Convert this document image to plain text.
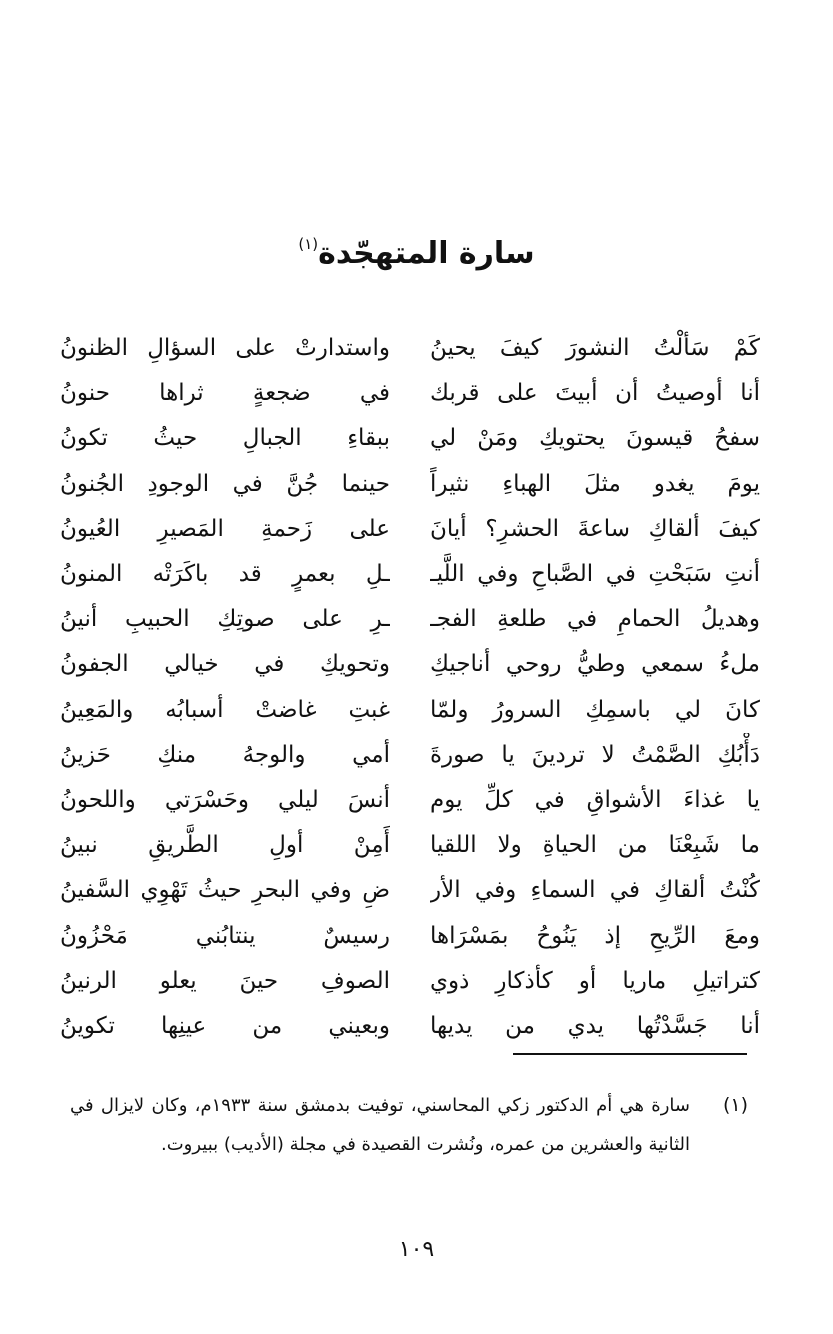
سارة المتهجّدة$^{(١)}$
كَمْ سَألْتُ النشورَ كيفَ يحينُ
واستدارتْ على السؤالِ الظنونُ
أنا أوصيتُ أن أبيتَ على قربك
في ضجعةٍ ثراها حنونُ
سفحُ قيسونَ يحتويكِ ومَنْ لي
ببقاءِ الجبالِ حيثُ تكونُ
يومَ يغدو مثلَ الهباءِ نثيراً
حينما جُنَّ في الوجودِ الجُنونُ
كيفَ ألقاكِ ساعةَ الحشرِ؟ أيانَ
على زَحمةِ المَصيرِ العُيونُ
أنتِ سَبَحْتِ في الصَّباحِ وفي اللَّيـ
ـلِ بعمرٍ قد باكَرَتْه المنونُ
وهديلُ الحمامِ في طلعةِ الفجـ
ـرِ على صوتِكِ الحبيبِ أنينُ
ملءُ سمعي وطيُّ روحي أناجيكِ
وتحويكِ في خيالي الجفونُ
كانَ لي باسمِكِ السرورُ ولمّا
غبتِ غاضتْ أسبابُه والمَعِينُ
دَأْبُكِ الصَّمْتُ لا تردينَ يا صورةَ
أمي والوجهُ منكِ حَزينُ
يا غذاءَ الأشواقِ في كلِّ يوم
أنسَ ليلي وحَسْرَتي واللحونُ
ما شَبِعْنَا من الحياةِ ولا اللقيا
أَمِنْ أولِ الطَّريقِ نبينُ
كُنْتُ ألقاكِ في السماءِ وفي الأر
ضِ وفي البحرِ حيثُ تَهْوِي السَّفينُ
ومعَ الرِّيحِ إذ يَنُوحُ بمَسْرَاها
رسيسٌ ينتابُني مَحْزُونُ
كتراتيلِ ماريا أو كأذكارِ ذوي
الصوفِ حينَ يعلو الرنينُ
أنا جَسَّدْتُها يدي من يديها
وبعيني من عينِها تكوينُ
(١)
سارة هي أم الدكتور زكي المحاسني، توفيت بدمشق سنة ١٩٣٣م، وكان لايزال في الثانية والعشرين من عمره، ونُشرت القصيدة في مجلة (الأديب) ببيروت.
١٠٩
